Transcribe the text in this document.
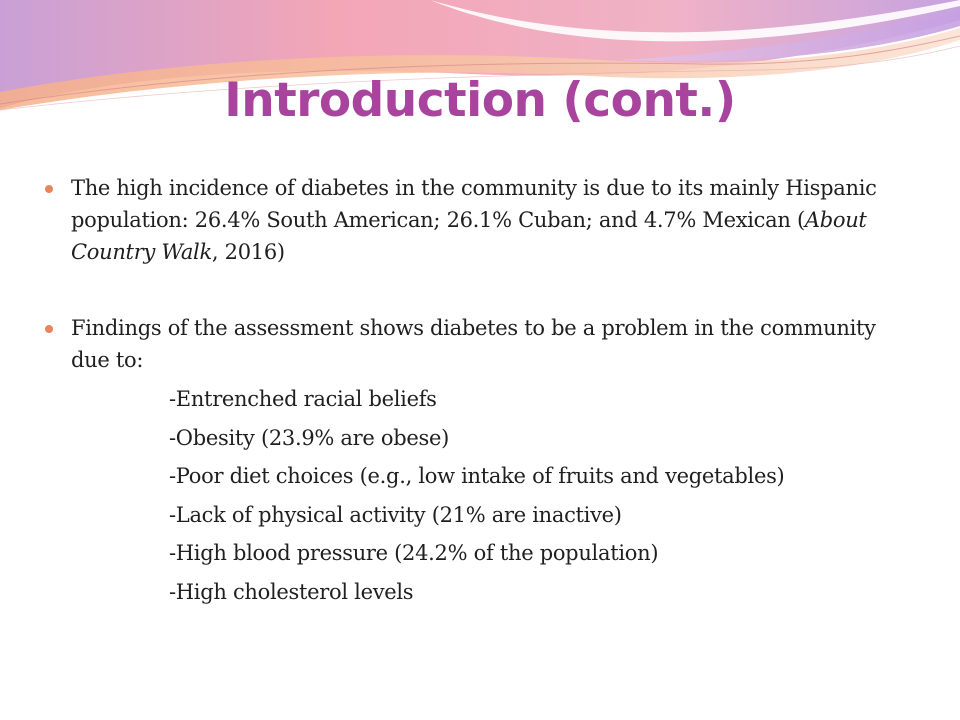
Introduction (cont.)
The high incidence of diabetes in the community is due to its mainly Hispanic population: 26.4% South American; 26.1% Cuban; and 4.7% Mexican (About Country Walk, 2016)
Findings of the assessment shows diabetes to be a problem in the community due to:
-Entrenched racial beliefs
-Obesity (23.9% are obese)
-Poor diet choices (e.g., low intake of fruits and vegetables)
-Lack of physical activity (21% are inactive)
-High blood pressure (24.2% of the population)
-High cholesterol levels
